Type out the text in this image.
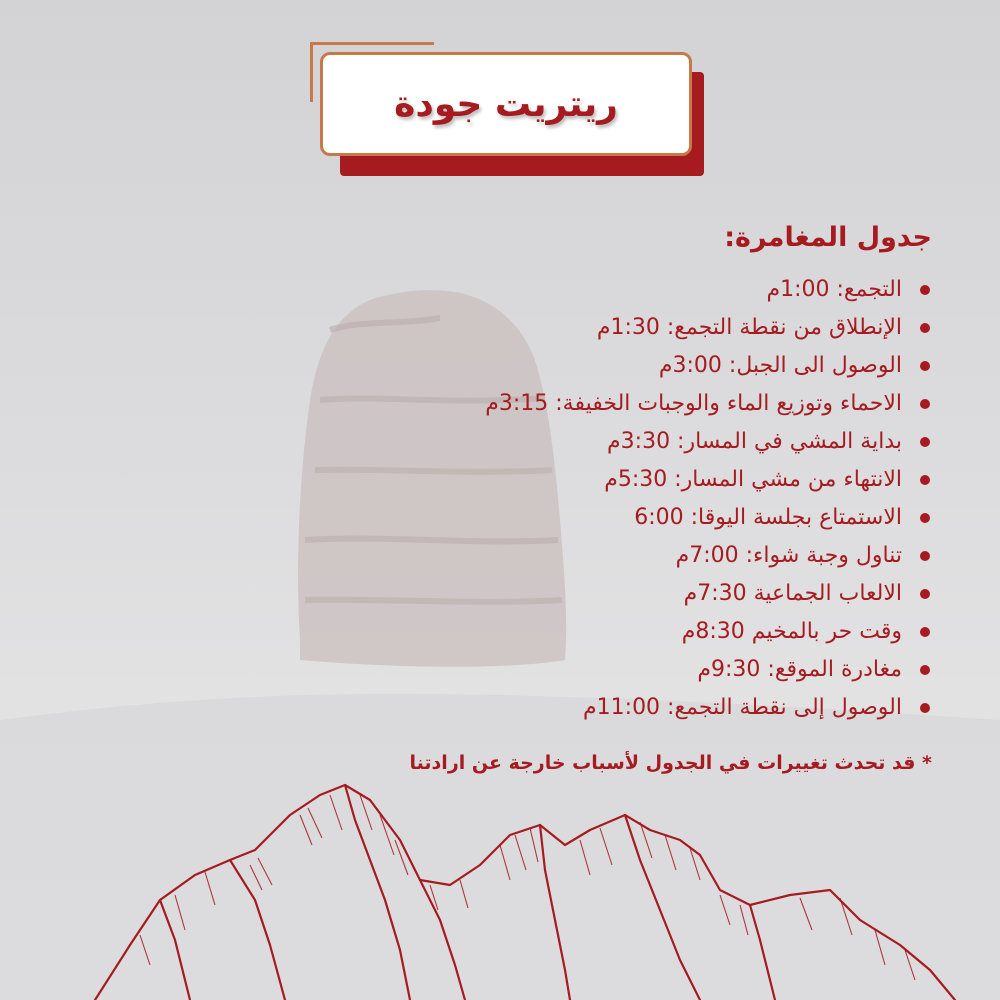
ريتريت جودة
جدول المغامرة:
التجمع: 1:00م
الإنطلاق من نقطة التجمع: 1:30م
الوصول الى الجبل: 3:00م
الاحماء وتوزيع الماء والوجبات الخفيفة: 3:15م
بداية المشي في المسار: 3:30م
الانتهاء من مشي المسار: 5:30م
الاستمتاع بجلسة اليوقا: 6:00
تناول وجبة شواء: 7:00م
الالعاب الجماعية 7:30م
وقت حر بالمخيم 8:30م
مغادرة الموقع: 9:30م
الوصول إلى نقطة التجمع: 11:00م
* قد تحدث تغييرات في الجدول لأسباب خارجة عن ارادتنا
